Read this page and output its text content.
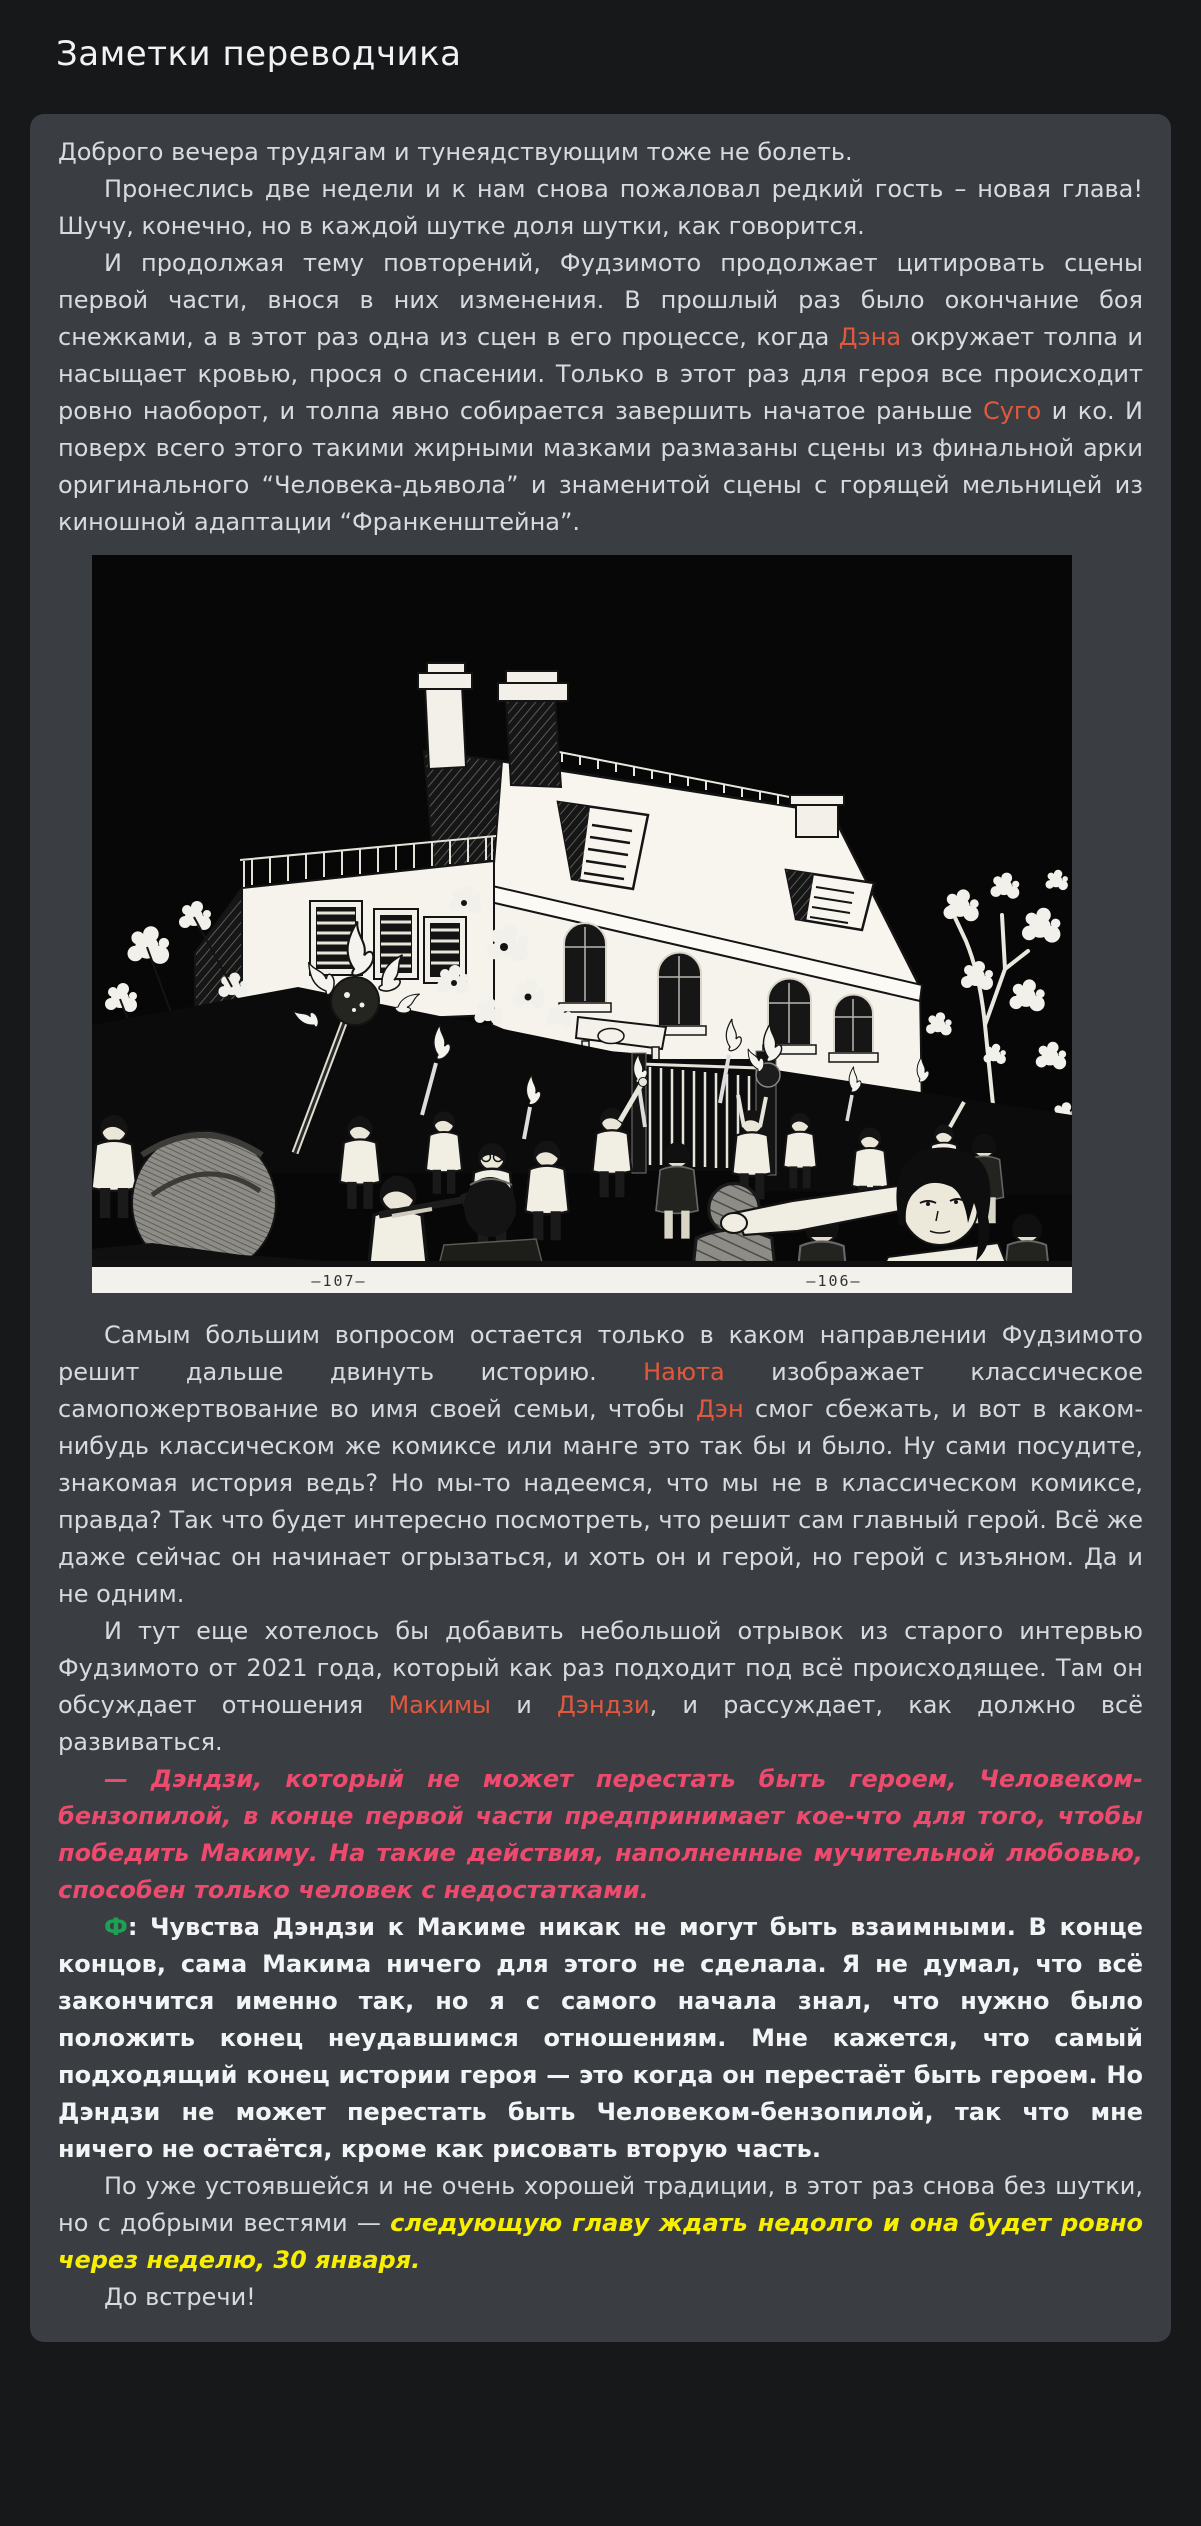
Заметки переводчика

Доброго вечера трудягам и тунеядствующим тоже не болеть.

Пронеслись две недели и к нам снова пожаловал редкий гость – новая глава! Шучу, конечно, но в каждой шутке доля шутки, как говорится.

И продолжая тему повторений, Фудзимото продолжает цитировать сцены первой части, внося в них изменения. В прошлый раз было окончание боя снежками, а в этот раз одна из сцен в его процессе, когда Дэна окружает толпа и насыщает кровью, прося о спасении. Только в этот раз для героя все происходит ровно наоборот, и толпа явно собирается завершить начатое раньше Суго и ко. И поверх всего этого такими жирными мазками размазаны сцены из финальной арки оригинального “Человека-дьявола” и знаменитой сцены с горящей мельницей из киношной адаптации “Франкенштейна”.

–107–	–106–

Самым большим вопросом остается только в каком направлении Фудзимото решит дальше двинуть историю. Наюта изображает классическое самопожертвование во имя своей семьи, чтобы Дэн смог сбежать, и вот в каком-нибудь классическом же комиксе или манге это так бы и было. Ну сами посудите, знакомая история ведь? Но мы-то надеемся, что мы не в классическом комиксе, правда? Так что будет интересно посмотреть, что решит сам главный герой. Всё же даже сейчас он начинает огрызаться, и хоть он и герой, но герой с изъяном. Да и не одним.

И тут еще хотелось бы добавить небольшой отрывок из старого интервью Фудзимото от 2021 года, который как раз подходит под всё происходящее. Там он обсуждает отношения Макимы и Дэндзи, и рассуждает, как должно всё развиваться.

— Дэндзи, который не может перестать быть героем, Человеком-бензопилой, в конце первой части предпринимает кое-что для того, чтобы победить Макиму. На такие действия, наполненные мучительной любовью, способен только человек с недостатками.

Ф: Чувства Дэндзи к Макиме никак не могут быть взаимными. В конце концов, сама Макима ничего для этого не сделала. Я не думал, что всё закончится именно так, но я с самого начала знал, что нужно было положить конец неудавшимся отношениям. Мне кажется, что самый подходящий конец истории героя — это когда он перестаёт быть героем. Но Дэндзи не может перестать быть Человеком-бензопилой, так что мне ничего не остаётся, кроме как рисовать вторую часть.

По уже устоявшейся и не очень хорошей традиции, в этот раз снова без шутки, но с добрыми вестями — следующую главу ждать недолго и она будет ровно через неделю, 30 января.

До встречи!
